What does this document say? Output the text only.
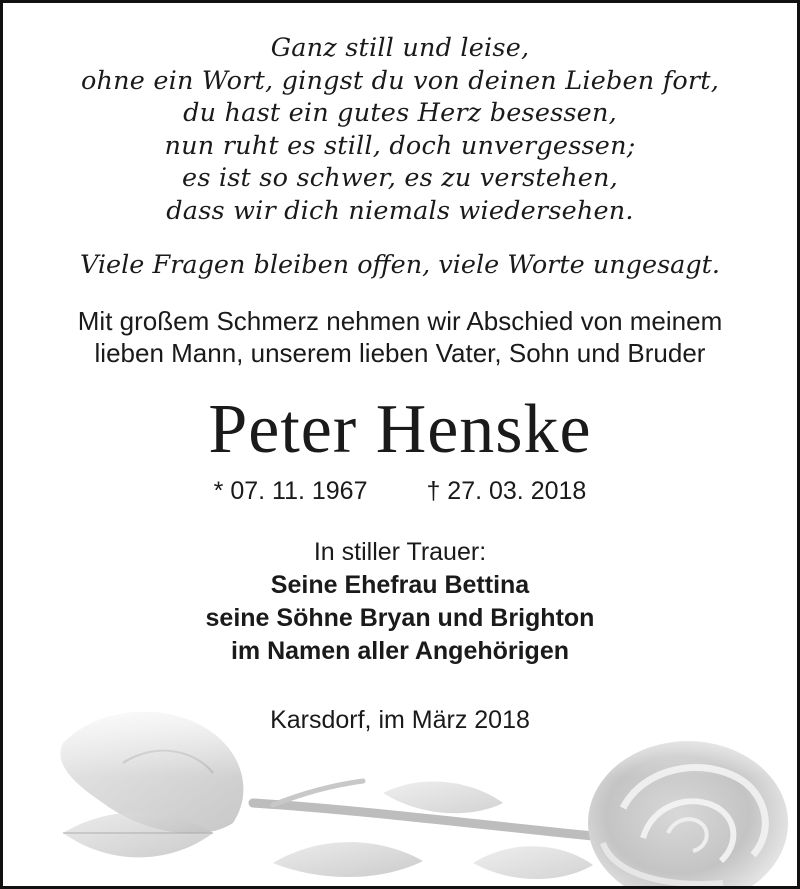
Ganz still und leise,
ohne ein Wort, gingst du von deinen Lieben fort,
du hast ein gutes Herz besessen,
nun ruht es still, doch unvergessen;
es ist so schwer, es zu verstehen,
dass wir dich niemals wiedersehen.
Viele Fragen bleiben offen, viele Worte ungesagt.
Mit großem Schmerz nehmen wir Abschied von meinem
lieben Mann, unserem lieben Vater, Sohn und Bruder
Peter Henske
* 07. 11. 1967 † 27. 03. 2018
In stiller Trauer:
Seine Ehefrau Bettina
seine Söhne Bryan und Brighton
im Namen aller Angehörigen
Karsdorf, im März 2018
